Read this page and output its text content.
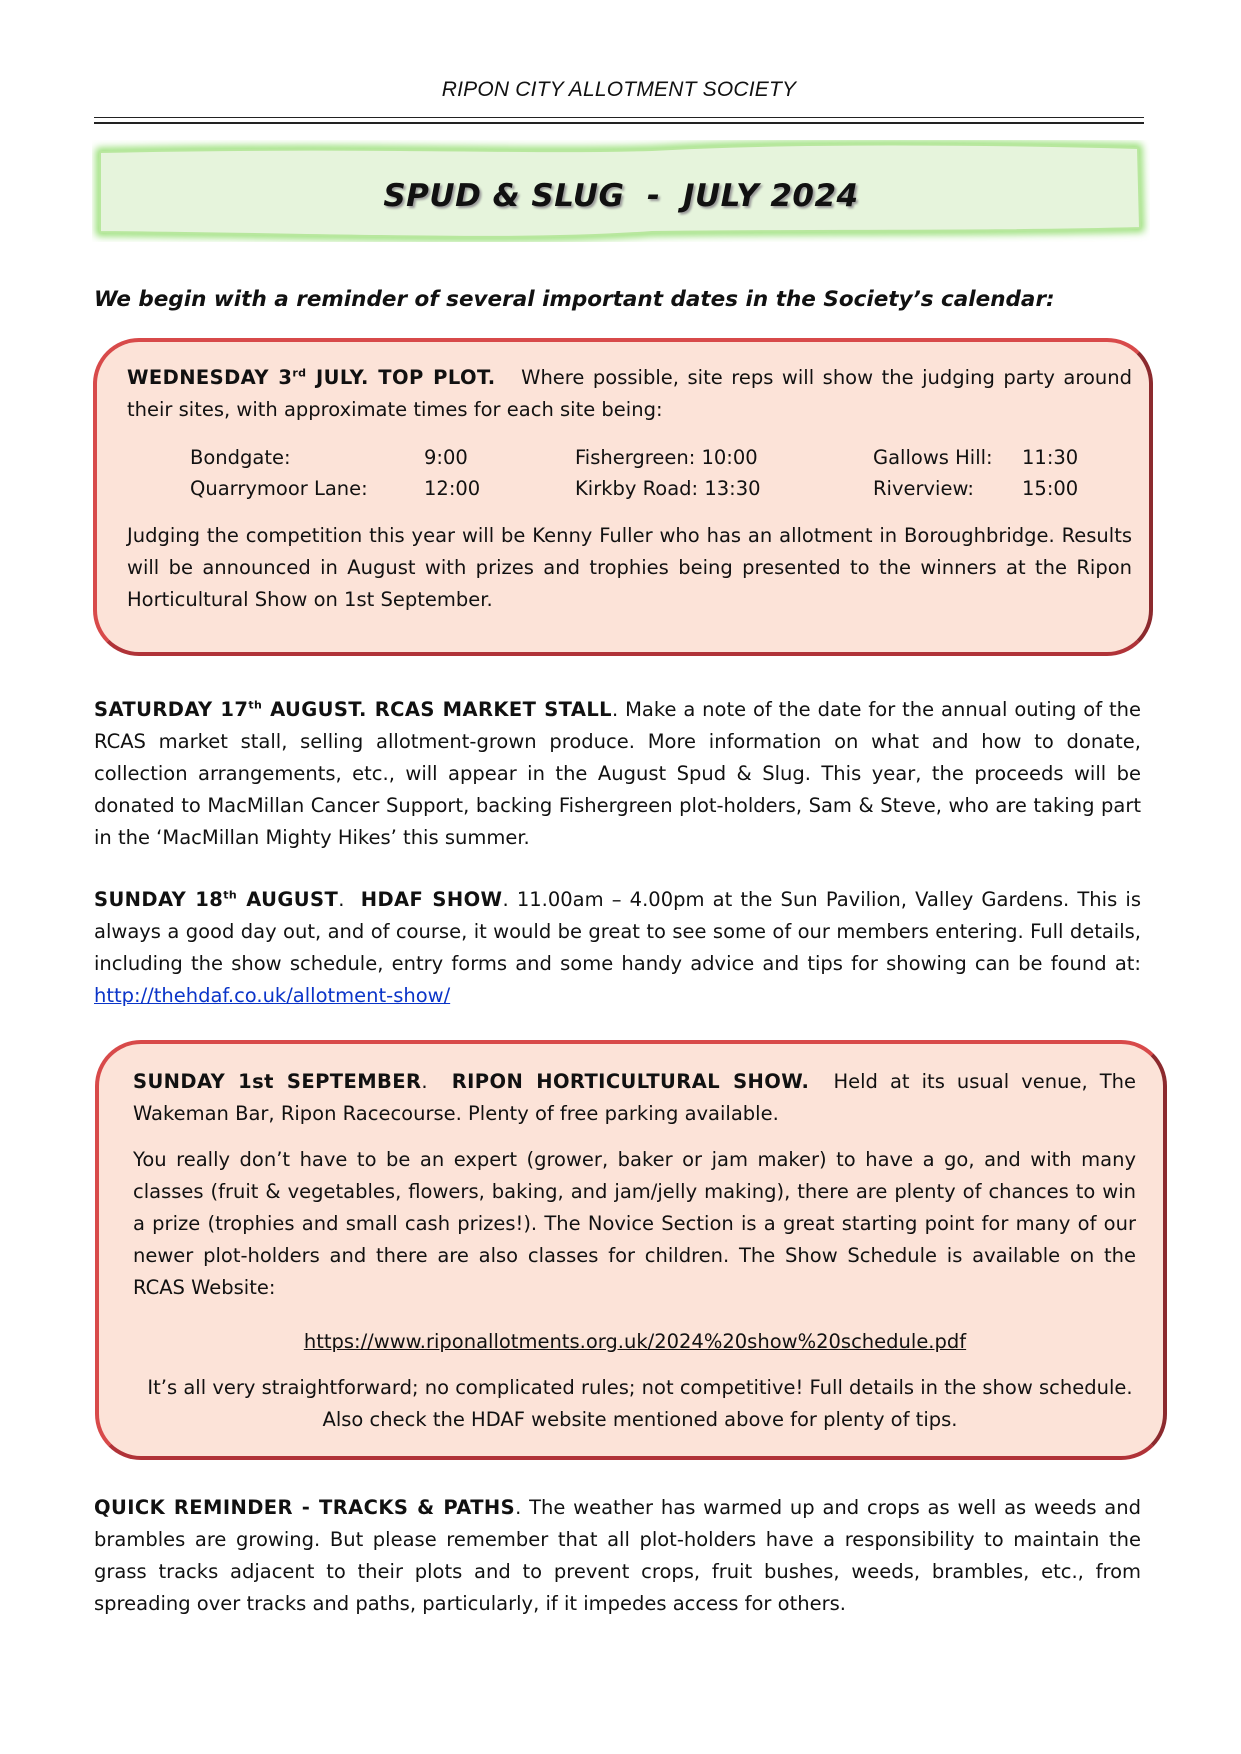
RIPON CITY ALLOTMENT SOCIETY
SPUD & SLUG  -  JULY 2024
We begin with a reminder of several important dates in the Society’s calendar:
WEDNESDAY 3rd JULY. TOP PLOT. Where possible, site reps will show the judging party around their sites, with approximate times for each site being:
Bondgate:	9:00	Fishergreen: 10:00	Gallows Hill: 11:30
Quarrymoor Lane:	12:00	Kirkby Road: 13:30	Riverview: 15:00
Judging the competition this year will be Kenny Fuller who has an allotment in Boroughbridge. Results will be announced in August with prizes and trophies being presented to the winners at the Ripon Horticultural Show on 1st September.
SATURDAY 17th AUGUST. RCAS MARKET STALL. Make a note of the date for the annual outing of the RCAS market stall, selling allotment-grown produce. More information on what and how to donate, collection arrangements, etc., will appear in the August Spud & Slug. This year, the proceeds will be donated to MacMillan Cancer Support, backing Fishergreen plot-holders, Sam & Steve, who are taking part in the ‘MacMillan Mighty Hikes’ this summer.
SUNDAY 18th AUGUST.  HDAF SHOW. 11.00am – 4.00pm at the Sun Pavilion, Valley Gardens. This is always a good day out, and of course, it would be great to see some of our members entering. Full details, including the show schedule, entry forms and some handy advice and tips for showing can be found at: http://thehdaf.co.uk/allotment-show/
SUNDAY 1st SEPTEMBER.  RIPON HORTICULTURAL SHOW. Held at its usual venue, The Wakeman Bar, Ripon Racecourse. Plenty of free parking available.
You really don’t have to be an expert (grower, baker or jam maker) to have a go, and with many classes (fruit & vegetables, flowers, baking, and jam/jelly making), there are plenty of chances to win a prize (trophies and small cash prizes!). The Novice Section is a great starting point for many of our newer plot-holders and there are also classes for children. The Show Schedule is available on the RCAS Website:
https://www.riponallotments.org.uk/2024%20show%20schedule.pdf
It’s all very straightforward; no complicated rules; not competitive! Full details in the show schedule. Also check the HDAF website mentioned above for plenty of tips.
QUICK REMINDER - TRACKS & PATHS. The weather has warmed up and crops as well as weeds and brambles are growing. But please remember that all plot-holders have a responsibility to maintain the grass tracks adjacent to their plots and to prevent crops, fruit bushes, weeds, brambles, etc., from spreading over tracks and paths, particularly, if it impedes access for others.
